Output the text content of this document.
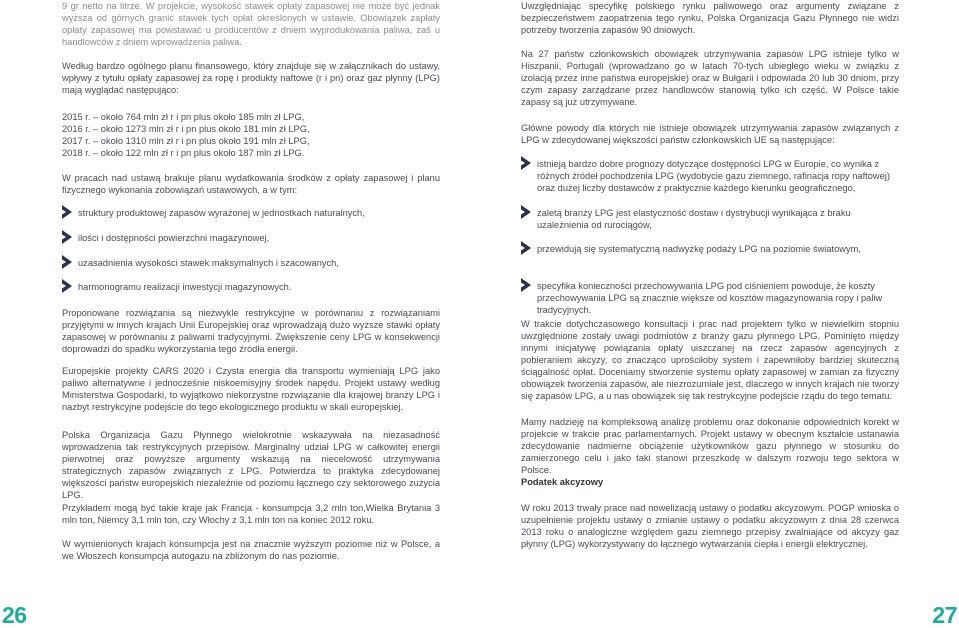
9 gr netto na litrze. W projekcie, wysokość stawek opłaty zapasowej nie może być jednak wyższa od górnych granic stawek tych opłat określonych w ustawie. Obowiązek zapłaty opłaty zapasowej ma powstawać u producentów z dniem wyprodukowania paliwa, zaś u handlowców z dniem wprowadzenia paliwa.

Według bardzo ogólnego planu finansowego, który znajduje się w załącznikach do ustawy, wpływy z tytułu opłaty zapasowej za ropę i produkty naftowe (r i pn) oraz gaz płynny (LPG) mają wyglądać następująco:

2015 r. – około 764 mln zł r i pn plus około 185 mln zł LPG,
2016 r. – około 1273 mln zł r i pn plus około 181 mln zł LPG,
2017 r. – około 1310 mln zł r i pn plus około 191 mln zł LPG,
2018 r. – około 122 mln zł r i pn plus około 187 mln zł LPG.

W pracach nad ustawą brakuje planu wydatkowania środków z opłaty zapasowej i planu fizycznego wykonania zobowiązań ustawowych, a w tym:

struktury produktowej zapasów wyrażonej w jednostkach naturalnych,
ilości i dostępności powierzchni magazynowej,
uzasadnienia wysokości stawek maksymalnych i szacowanych,
harmonogramu realizacji inwestycji magazynowych.

Proponowane rozwiązania są nieżwykle restrykcyjne w porównaniu z rozwiązaniami przyjętymi w innych krajach Unii Europejskiej oraz wprowadzają dużo wyższe stawki opłaty zapasowej w porównaniu z paliwami tradycyjnymi. Zwiększenie ceny LPG w konsekwencji doprowadzi do spadku wykorzystania tego źródła energii.

Europejskie projekty CARS 2020 i Czysta energia dla transportu wymieniają LPG jako paliwo alternatywne i jednocześnie niskoemisyjny środek napędu. Projekt ustawy według Ministerstwa Gospodarki, to wyjątkowo niekorzystne rozwiązanie dla krajowej branży LPG i nazbyt restrykcyjne podejście do tego ekologicznego produktu w skali europejskiej.

Polska Organizacja Gazu Płynnego wielokrotnie wskazywała na niezasadność wprowadzenia tak restrykcyjnych przepisów. Marginalny udział LPG w całkowitej energii pierwotnej oraz powyższe argumenty wskazują na niecelowość utrzymywania strategicznych zapasów związanych z LPG. Potwierdza to praktyka zdecydowanej większości państw europejskich niezależnie od poziomu łącznego czy sektorowego zużycia LPG.

Przykładem mogą być takie kraje jak Francja - konsumpcja 3,2 mln ton,Wielka Brytania 3 mln ton, Niemcy 3,1 mln ton, czy Włochy z 3,1 mln ton na koniec 2012 roku.

W wymienionych krajach konsumpcja jest na znacznie wyższym poziomie niż w Polsce, a we Włoszech konsumpcja autogazu na zbliżonym do nas poziomie.

Uwzględniając specyfikę polskiego rynku paliwowego oraz argumenty związane z bezpieczeństwem zaopatrzenia tego rynku, Polska Organizacja Gazu Płynnego nie widzi potrzeby tworzenia zapasów 90 dniowych.

Na 27 państw członkowskich obowiązek utrzymywania zapasów LPG istnieje tylko w Hiszpanii, Portugali (wprowadzano go w latach 70-tych ubiegłego wieku w związku z izolacją przez inne państwa europejskie) oraz w Bułgarii i odpowiada 20 lub 30 dniom, przy czym zapasy zarządzane przez handlowców stanowią tylko ich część. W Polsce takie zapasy są już utrzymywane.

Główne powody dla których nie istnieje obowiązek utrzymywania zapasów związanych z LPG w zdecydowanej większości państw członkowskich UE są następujące:

istnieją bardzo dobre prognozy dotyczące dostępności LPG w Europie, co wynika z różnych źródeł pochodzenia LPG (wydobycie gazu ziemnego, rafinacja ropy naftowej) oraz dużej liczby dostawców z praktycznie każdego kierunku geograficznego,
zaletą branży LPG jest elastyczność dostaw i dystrybucji wynikająca z braku uzależnienia od rurociągów,
przewidują się systematyczną nadwyżkę podaży LPG na poziomie światowym,
specyfika konieczności przechowywania LPG pod ciśnieniem powoduje, że koszty przechowywania LPG są znacznie większe od kosztów magazynowania ropy i paliw tradycyjnych.

W trakcie dotychczasowego konsultacji i prac nad projektem tylko w niewielkim stopniu uwzględnione zostały uwagi podmiotów z branży gazu płynnego LPG. Pominięto między innymi inicjatywę powiązania opłaty uiszczanej na rzecz zapasów agencyjnych z pobieraniem akcyzy, co znacząco uprościłoby system i zapewniłoby bardziej skuteczną ściągalność opłat. Doceniamy stworzenie systemu opłaty zapasowej w zamian za fizyczny obowiązek tworzenia zapasów, ale niezrozumiałe jest, dlaczego w innych krajach nie tworzy się zapasów LPG, a u nas obowiązek się tak restrykcyjne podejście rządu do tego tematu.

Mamy nadzieję na kompleksową analizę problemu oraz dokonanie odpowiednich korekt w projekcie w trakcie prac parlamentarnych. Projekt ustawy w obecnym kształcie ustanawia zdecydowanie nadmierne obciążenie użytkowników gazu płynnego w stosunku do zamierzonego celu i jako taki stanowi przeszkodę w dalszym rozwoju tego sektora w Polsce.

Podatek akcyzowy

W roku 2013 trwały prace nad nowelizacją ustawy o podatku akcyzowym. POGP wnioska o uzupełnienie projektu ustawy o zmianie ustawy o podatku akcyzowym z dnia 28 czerwca 2013 roku o analogiczne względem gazu ziemnego przepisy zwalniające od akcyzy gaz płynny (LPG) wykorzystywany do łącznego wytwarzania ciepła i energii elektrycznej.

26	27
